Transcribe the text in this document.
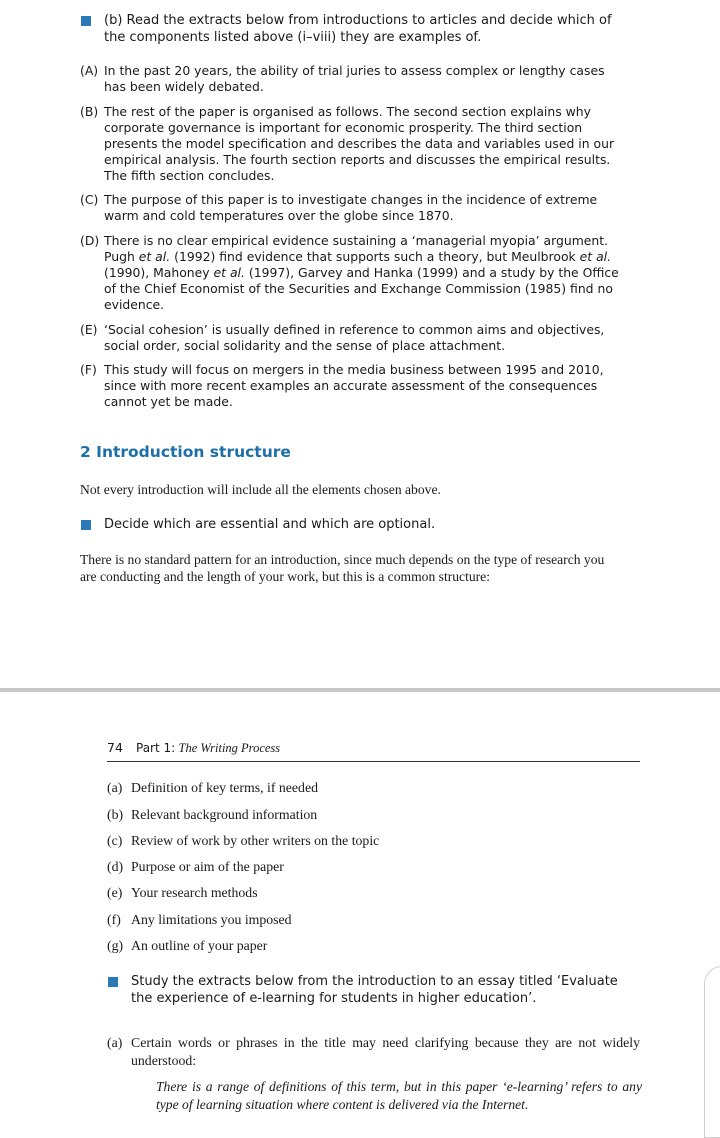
(b) Read the extracts below from introductions to articles and decide which of the components listed above (i–viii) they are examples of.
(A) In the past 20 years, the ability of trial juries to assess complex or lengthy cases has been widely debated.
(B) The rest of the paper is organised as follows. The second section explains why corporate governance is important for economic prosperity. The third section presents the model specification and describes the data and variables used in our empirical analysis. The fourth section reports and discusses the empirical results. The fifth section concludes.
(C) The purpose of this paper is to investigate changes in the incidence of extreme warm and cold temperatures over the globe since 1870.
(D) There is no clear empirical evidence sustaining a ‘managerial myopia’ argument. Pugh et al. (1992) find evidence that supports such a theory, but Meulbrook et al. (1990), Mahoney et al. (1997), Garvey and Hanka (1999) and a study by the Office of the Chief Economist of the Securities and Exchange Commission (1985) find no evidence.
(E) ‘Social cohesion’ is usually defined in reference to common aims and objectives, social order, social solidarity and the sense of place attachment.
(F) This study will focus on mergers in the media business between 1995 and 2010, since with more recent examples an accurate assessment of the consequences cannot yet be made.
2 Introduction structure
Not every introduction will include all the elements chosen above.
Decide which are essential and which are optional.
There is no standard pattern for an introduction, since much depends on the type of research you are conducting and the length of your work, but this is a common structure:
74 Part 1: The Writing Process
(a) Definition of key terms, if needed
(b) Relevant background information
(c) Review of work by other writers on the topic
(d) Purpose or aim of the paper
(e) Your research methods
(f) Any limitations you imposed
(g) An outline of your paper
Study the extracts below from the introduction to an essay titled ‘Evaluate the experience of e-learning for students in higher education’.
(a) Certain words or phrases in the title may need clarifying because they are not widely understood:
There is a range of definitions of this term, but in this paper ‘e-learning’ refers to any type of learning situation where content is delivered via the Internet.
